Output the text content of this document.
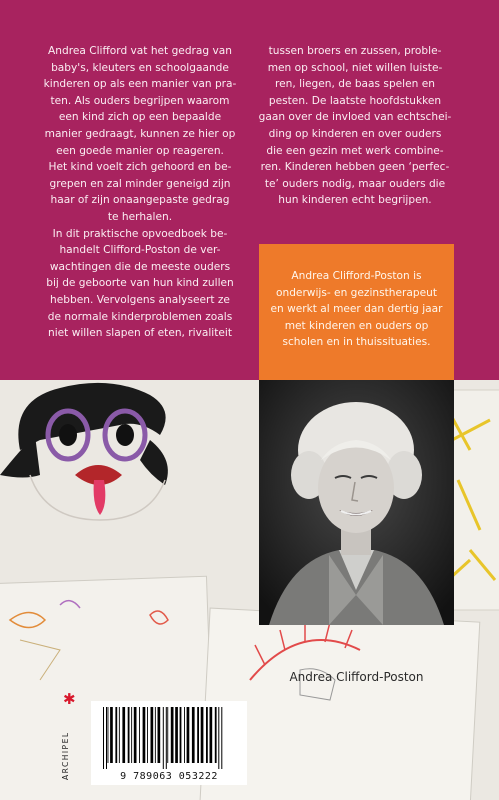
Andrea Clifford vat het gedrag van

baby's, kleuters en schoolgaande

kinderen op als een manier van pra-

ten. Als ouders begrijpen waarom

een kind zich op een bepaalde

manier gedraagt, kunnen ze hier op

een goede manier op reageren.

Het kind voelt zich gehoord en be-

grepen en zal minder geneigd zijn

haar of zijn onaangepaste gedrag

te herhalen.

In dit praktische opvoedboek be-

handelt Clifford-Poston de ver-

wachtingen die de meeste ouders

bij de geboorte van hun kind zullen

hebben. Vervolgens analyseert ze

de normale kinderproblemen zoals

niet willen slapen of eten, rivaliteit

tussen broers en zussen, proble-

men op school, niet willen luiste-

ren, liegen, de baas spelen en

pesten. De laatste hoofdstukken

gaan over de invloed van echtschei-

ding op kinderen en over ouders

die een gezin met werk combine-

ren. Kinderen hebben geen ‘perfec-

te’ ouders nodig, maar ouders die

hun kinderen echt begrijpen.

Andrea Clifford-Poston is
onderwijs- en gezinstherapeut
en werkt al meer dan dertig jaar
met kinderen en ouders op
scholen en in thuissituaties.

Andrea Clifford-Poston
✱
ARCHIPEL	9 789063 053222
